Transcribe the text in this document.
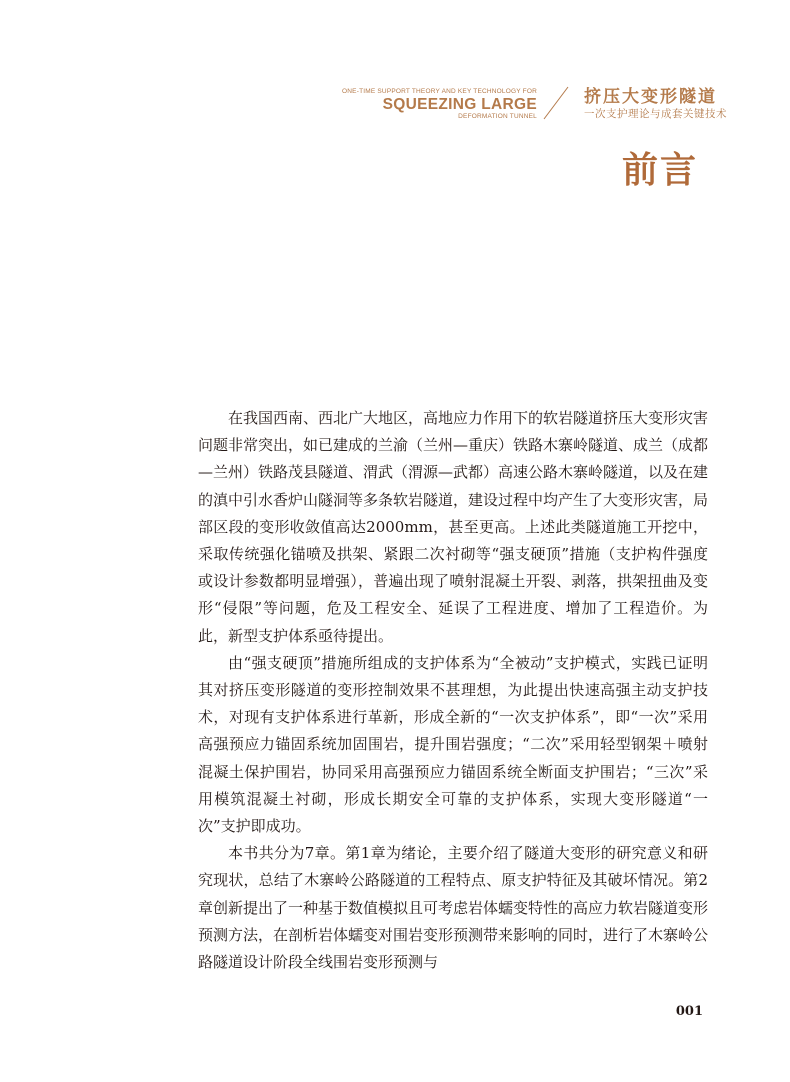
ONE-TIME SUPPORT THEORY AND KEY TECHNOLOGY FOR
SQUEEZING LARGE
DEFORMATION TUNNEL
挤压大变形隧道
一次支护理论与成套关键技术
前言

在我国西南、西北广大地区，高地应力作用下的软岩隧道挤压大变形灾害问题非常突出，如已建成的兰渝（兰州—重庆）铁路木寨岭隧道、成兰（成都—兰州）铁路茂县隧道、渭武（渭源—武都）高速公路木寨岭隧道，以及在建的滇中引水香炉山隧洞等多条软岩隧道，建设过程中均产生了大变形灾害，局部区段的变形收敛值高达2000mm，甚至更高。上述此类隧道施工开挖中，采取传统强化锚喷及拱架、紧跟二次衬砌等“强支硬顶”措施（支护构件强度或设计参数都明显增强），普遍出现了喷射混凝土开裂、剥落，拱架扭曲及变形“侵限”等问题，危及工程安全、延误了工程进度、增加了工程造价。为此，新型支护体系亟待提出。

由“强支硬顶”措施所组成的支护体系为“全被动”支护模式，实践已证明其对挤压变形隧道的变形控制效果不甚理想，为此提出快速高强主动支护技术，对现有支护体系进行革新，形成全新的“一次支护体系”，即“一次”采用高强预应力锚固系统加固围岩，提升围岩强度；“二次”采用轻型钢架＋喷射混凝土保护围岩，协同采用高强预应力锚固系统全断面支护围岩；“三次”采用模筑混凝土衬砌，形成长期安全可靠的支护体系，实现大变形隧道“一次”支护即成功。

本书共分为7章。第1章为绪论，主要介绍了隧道大变形的研究意义和研究现状，总结了木寨岭公路隧道的工程特点、原支护特征及其破坏情况。第2章创新提出了一种基于数值模拟且可考虑岩体蠕变特性的高应力软岩隧道变形预测方法，在剖析岩体蠕变对围岩变形预测带来影响的同时，进行了木寨岭公路隧道设计阶段全线围岩变形预测与

001
